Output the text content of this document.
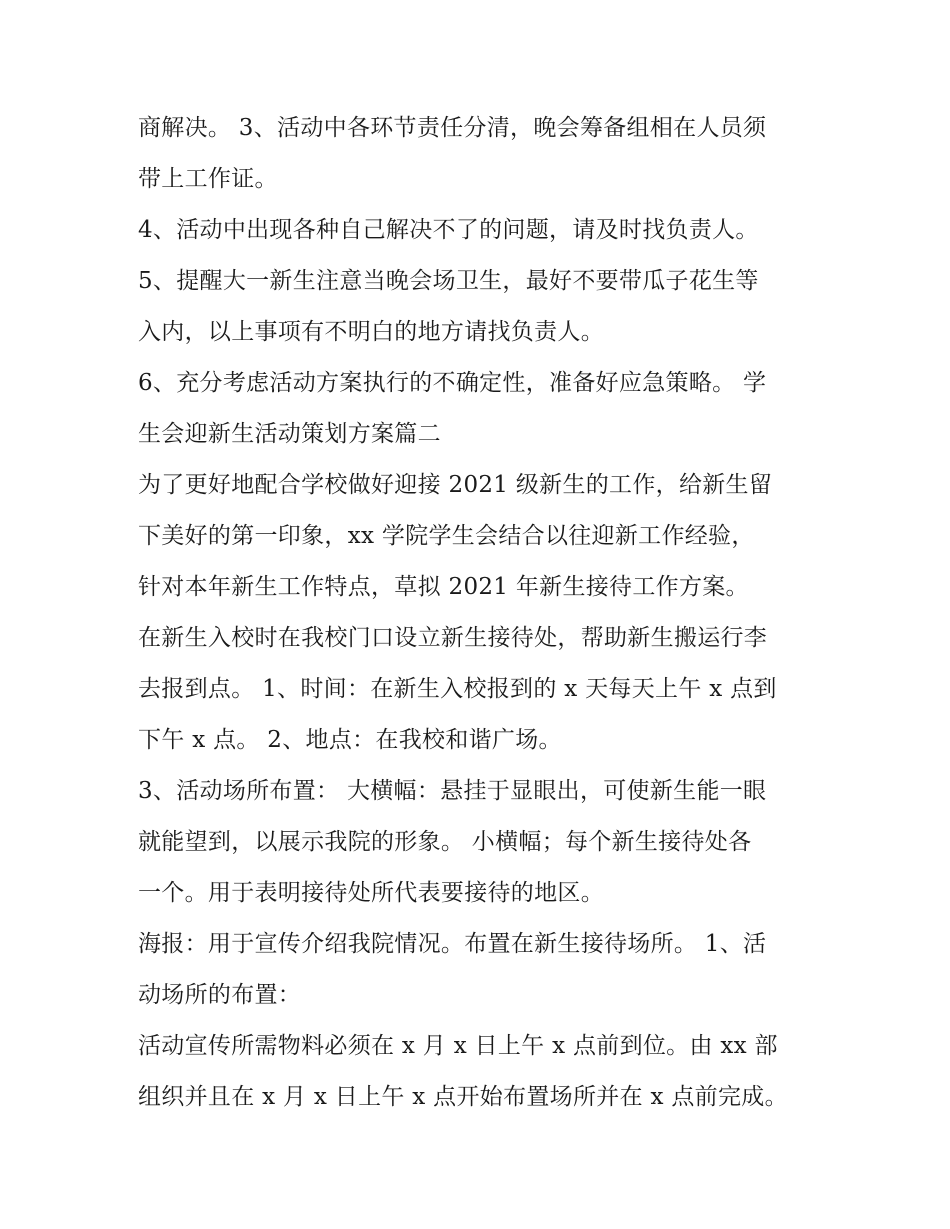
商解决。 3、活动中各环节责任分清，晚会筹备组相在人员须
带上工作证。
4、活动中出现各种自己解决不了的问题，请及时找负责人。
5、提醒大一新生注意当晚会场卫生，最好不要带瓜子花生等
入内，以上事项有不明白的地方请找负责人。
6、充分考虑活动方案执行的不确定性，准备好应急策略。 学
生会迎新生活动策划方案篇二
为了更好地配合学校做好迎接 2021 级新生的工作，给新生留
下美好的第一印象，xx 学院学生会结合以往迎新工作经验，
针对本年新生工作特点，草拟 2021 年新生接待工作方案。
在新生入校时在我校门口设立新生接待处，帮助新生搬运行李
去报到点。 1、时间：在新生入校报到的 x 天每天上午 x 点到
下午 x 点。 2、地点：在我校和谐广场。
3、活动场所布置： 大横幅：悬挂于显眼出，可使新生能一眼
就能望到，以展示我院的形象。 小横幅；每个新生接待处各
一个。用于表明接待处所代表要接待的地区。
海报：用于宣传介绍我院情况。布置在新生接待场所。 1、活
动场所的布置：
活动宣传所需物料必须在 x 月 x 日上午 x 点前到位。由 xx 部
组织并且在 x 月 x 日上午 x 点开始布置场所并在 x 点前完成。
